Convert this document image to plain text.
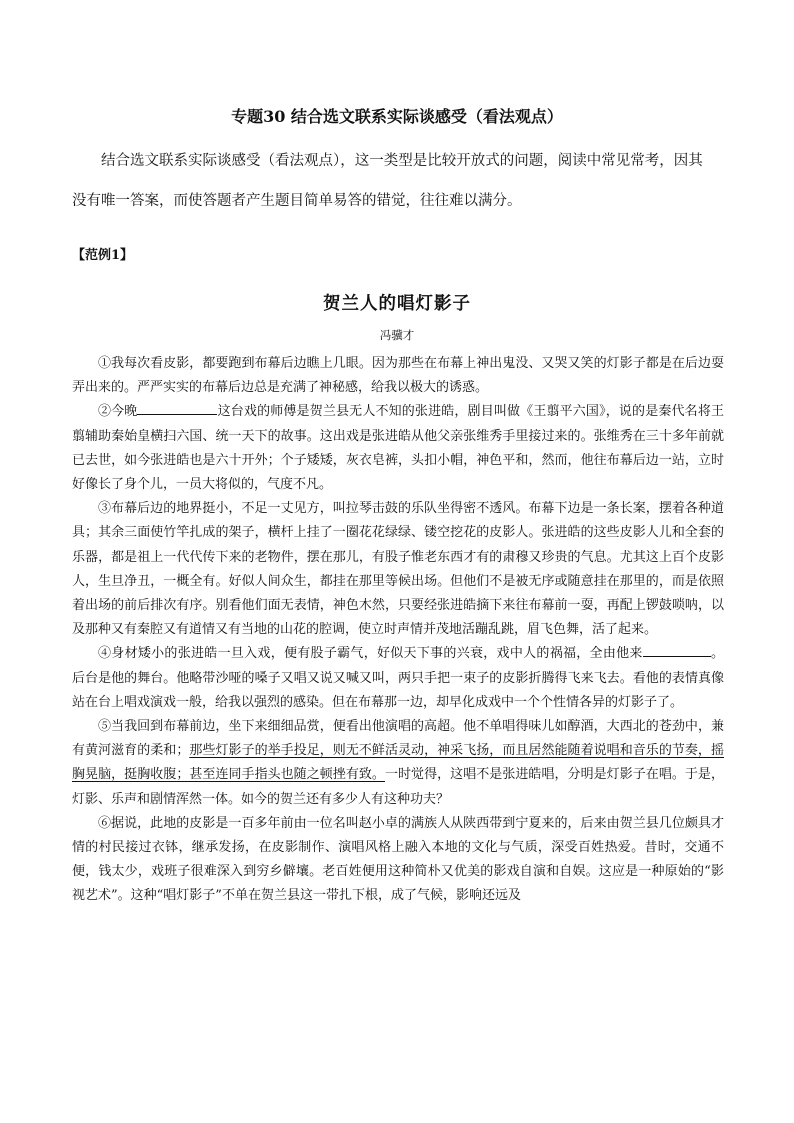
专题30 结合选文联系实际谈感受（看法观点）

结合选文联系实际谈感受（看法观点），这一类型是比较开放式的问题，阅读中常见常考，因其

没有唯一答案，而使答题者产生题目简单易答的错觉，往往难以满分。

【范例1】
贺兰人的唱灯影子
冯骥才

①我每次看皮影，都要跑到布幕后边瞧上几眼。因为那些在布幕上神出鬼没、又哭又笑的灯影子都是在后边耍弄出来的。严严实实的布幕后边总是充满了神秘感，给我以极大的诱惑。

②今晚	这台戏的师傅是贺兰县无人不知的张进皓，剧目叫做《王翦平六国》，说的是秦代名将王翦辅助秦始皇横扫六国、统一天下的故事。这出戏是张进皓从他父亲张维秀手里接过来的。张维秀在三十多年前就已去世，如今张进皓也是六十开外；个子矮矮，灰衣皂裤，头扣小帽，神色平和，然而，他往布幕后边一站，立时好像长了身个儿，一员大将似的，气度不凡。

③布幕后边的地界挺小，不足一丈见方，叫拉琴击鼓的乐队坐得密不透风。布幕下边是一条长案，摆着各种道具；其余三面使竹竿扎成的架子，横杆上挂了一圈花花绿绿、镂空挖花的皮影人。张进皓的这些皮影人儿和全套的乐器，都是祖上一代代传下来的老物件，摆在那儿，有股子惟老东西才有的肃穆又珍贵的气息。尤其这上百个皮影人，生旦净丑，一概全有。好似人间众生，都挂在那里等候出场。但他们不是被无序或随意挂在那里的，而是依照着出场的前后排次有序。别看他们面无表情，神色木然，只要经张进皓摘下来往布幕前一耍，再配上锣鼓唢呐，以及那种又有秦腔又有道情又有当地的山花的腔调，使立时声情并茂地活蹦乱跳，眉飞色舞，活了起来。

④身材矮小的张进皓一旦入戏，便有股子霸气，好似天下事的兴衰，戏中人的祸福，全由他来	。后台是他的舞台。他略带沙哑的嗓子又唱又说又喊又叫，两只手把一束子的皮影折腾得飞来飞去。看他的表情真像站在台上唱戏演戏一般，给我以强烈的感染。但在布幕那一边，却早化成戏中一个个性情各异的灯影子了。

⑤当我回到布幕前边，坐下来细细品赏，便看出他演唱的高超。他不单唱得味儿如醇酒，大西北的苍劲中，兼有黄河滋育的柔和；那些灯影子的举手投足，则无不鲜活灵动，神采飞扬，而且居然能随着说唱和音乐的节奏，摇胸晃脑，挺胸收腹；甚至连同手指头也随之顿挫有致。一时觉得，这唱不是张进皓唱，分明是灯影子在唱。于是，灯影、乐声和剧情浑然一体。如今的贺兰还有多少人有这种功夫？

⑥据说，此地的皮影是一百多年前由一位名叫赵小卓的满族人从陕西带到宁夏来的，后来由贺兰县几位颇具才情的村民接过衣钵，继承发扬，在皮影制作、演唱风格上融入本地的文化与气质，深受百姓热爱。昔时，交通不便，钱太少，戏班子很难深入到穷乡僻壤。老百姓便用这种简朴又优美的影戏自演和自娱。这应是一种原始的“影视艺术”。这种“唱灯影子”不单在贺兰县这一带扎下根，成了气候，影响还远及
